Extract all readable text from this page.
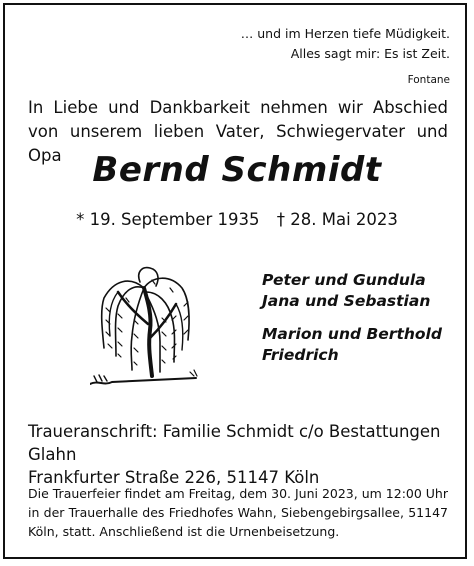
… und im Herzen tiefe Müdigkeit.
Alles sagt mir: Es ist Zeit.
Fontane
In Liebe und Dankbarkeit nehmen wir Abschied von unserem lieben Vater, Schwiegervater und Opa Bernd Schmidt
* 19. September 1935 † 28. Mai 2023
Peter und Gundula
Jana und Sebastian
Marion und Berthold
Friedrich
Traueranschrift: Familie Schmidt c/o Bestattungen Glahn
Frankfurter Straße 226, 51147 Köln
Die Trauerfeier findet am Freitag, dem 30. Juni 2023, um 12:00 Uhr in der Trauerhalle des Friedhofes Wahn, Siebengebirgsallee, 51147 Köln, statt. Anschließend ist die Urnenbeisetzung.
